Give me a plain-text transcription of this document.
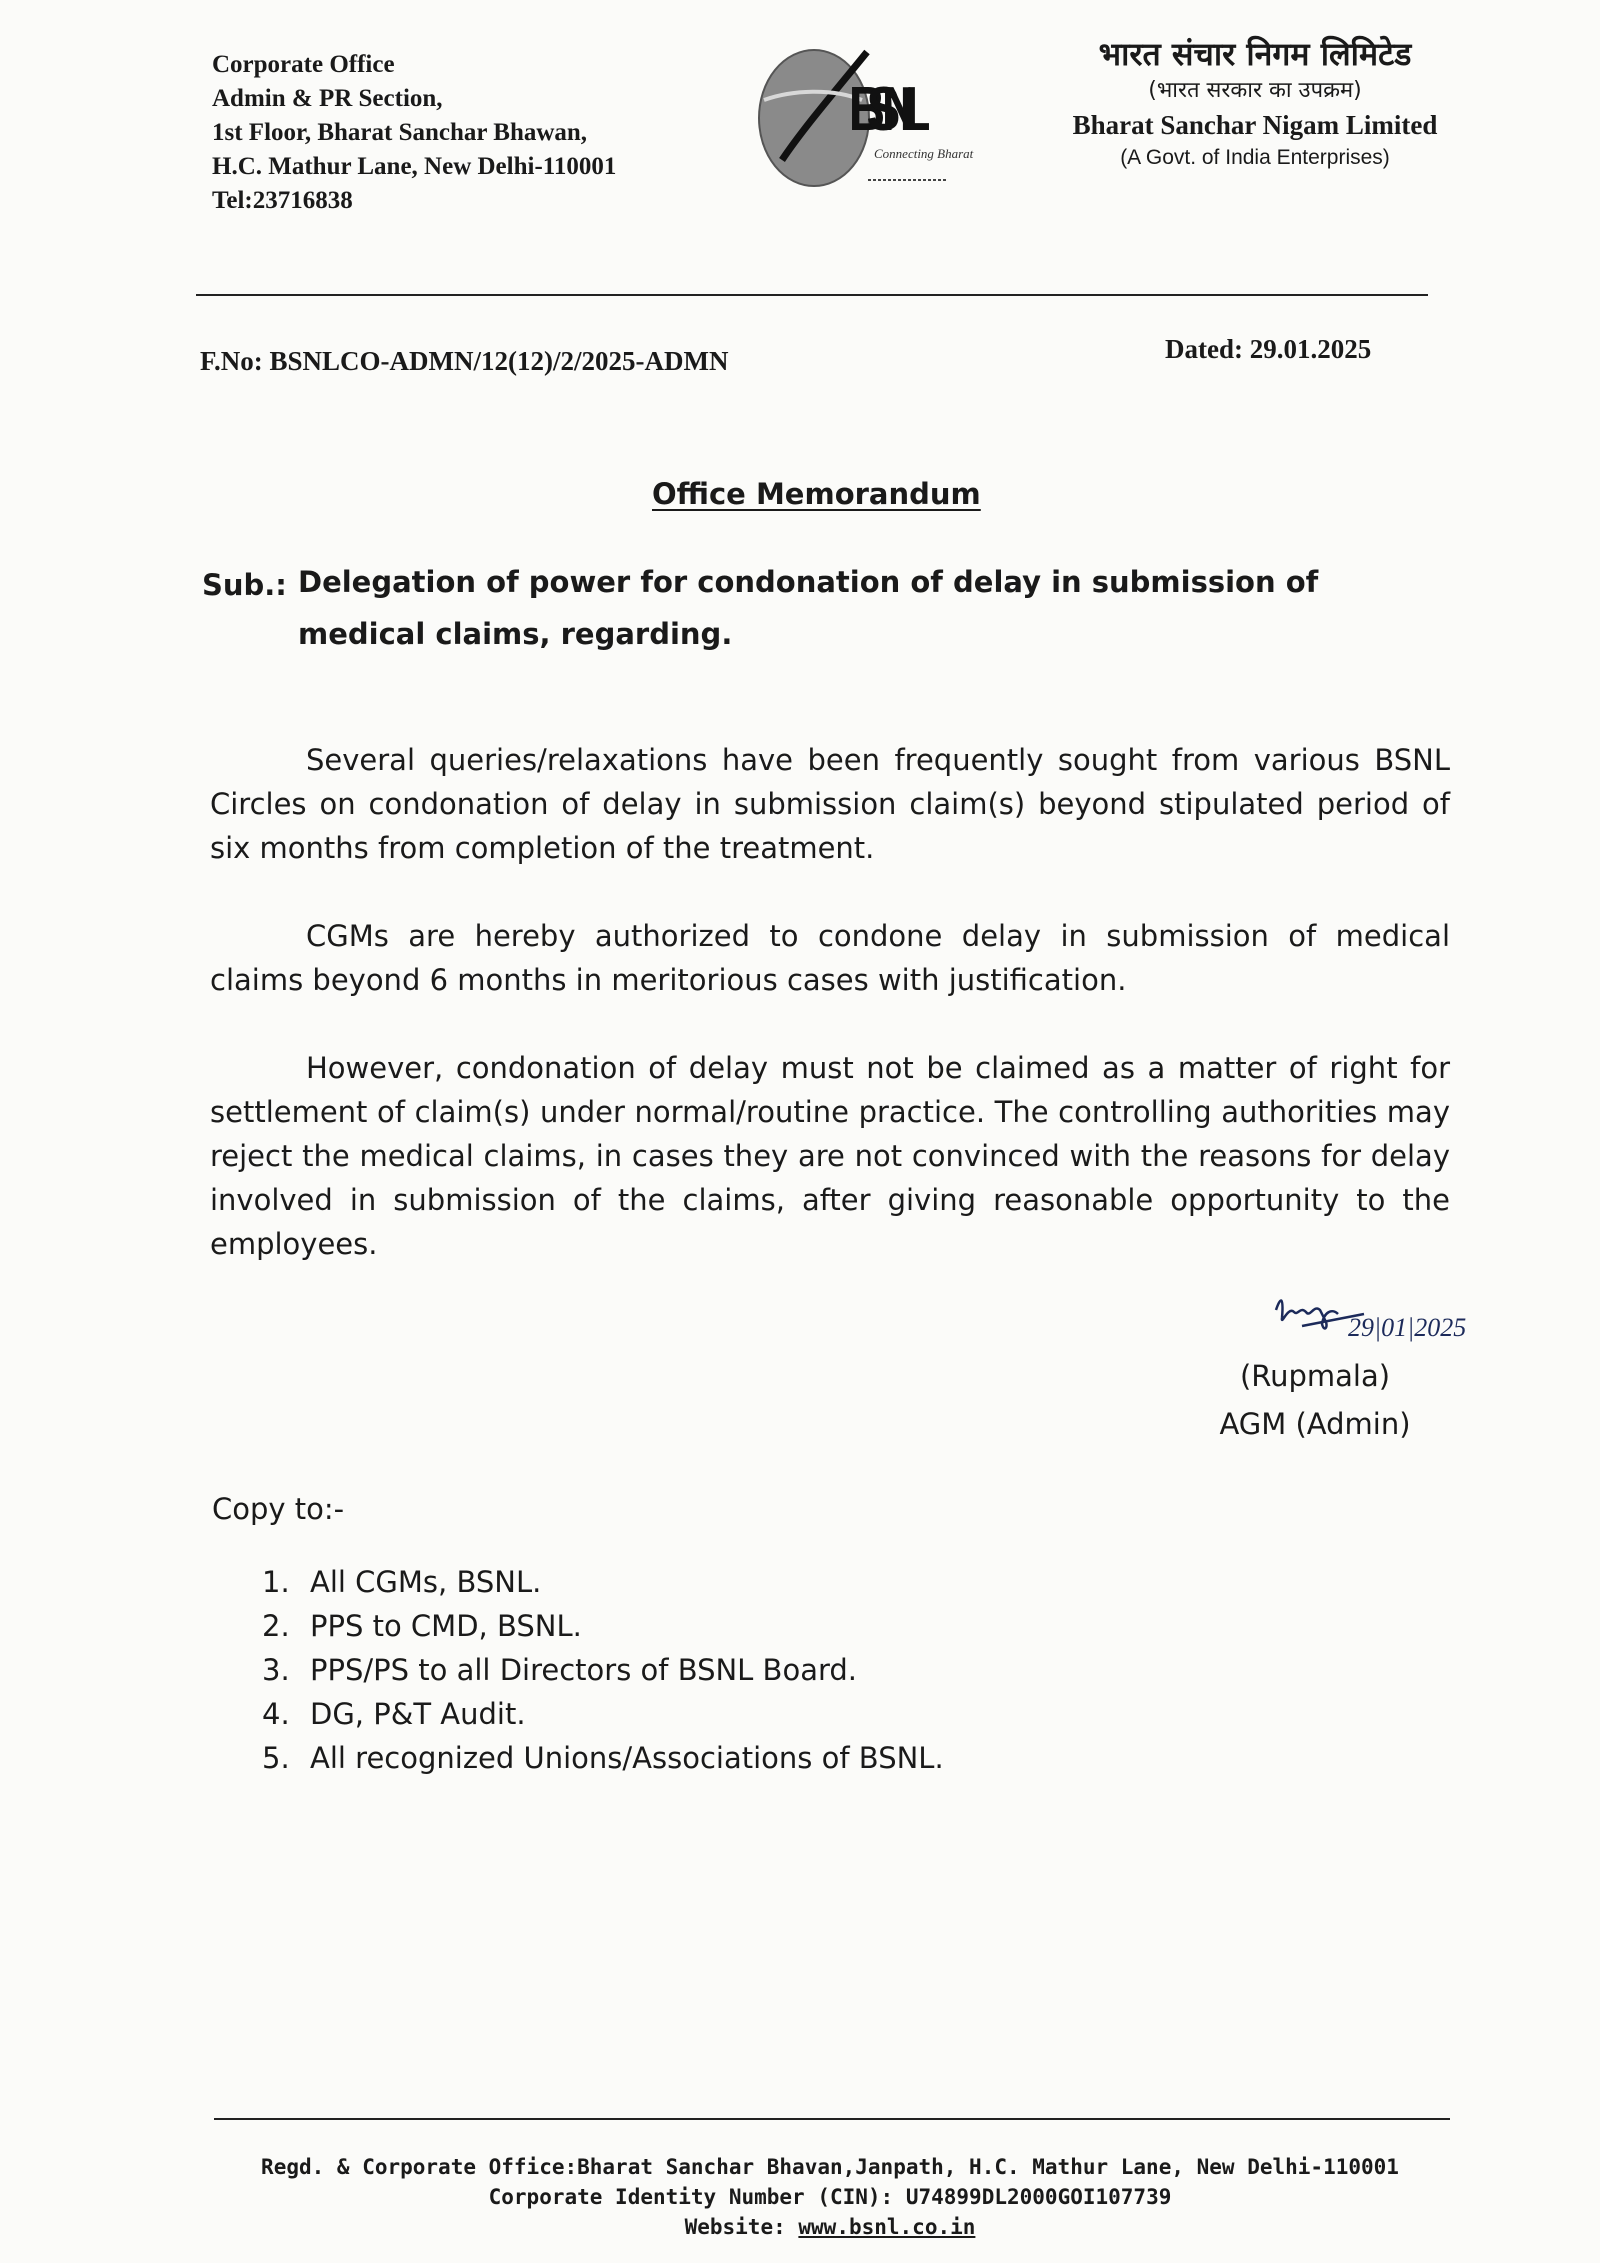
Corporate Office
Admin & PR Section,
1st Floor, Bharat Sanchar Bhawan,
H.C. Mathur Lane, New Delhi-110001
Tel:23716838
BSNL
Connecting Bharat
भारत संचार निगम लिमिटेड
(भारत सरकार का उपक्रम)
Bharat Sanchar Nigam Limited
(A Govt. of India Enterprises)
F.No: BSNLCO-ADMN/12(12)/2/2025-ADMN	Dated: 29.01.2025
Office Memorandum
Sub.: Delegation of power for condonation of delay in submission of medical claims, regarding.
Several queries/relaxations have been frequently sought from various BSNL Circles on condonation of delay in submission claim(s) beyond stipulated period of six months from completion of the treatment.
CGMs are hereby authorized to condone delay in submission of medical claims beyond 6 months in meritorious cases with justification.
However, condonation of delay must not be claimed as a matter of right for settlement of claim(s) under normal/routine practice. The controlling authorities may reject the medical claims, in cases they are not convinced with the reasons for delay involved in submission of the claims, after giving reasonable opportunity to the employees.
29|01|2025
(Rupmala)
AGM (Admin)
Copy to:-
1. All CGMs, BSNL.
2. PPS to CMD, BSNL.
3. PPS/PS to all Directors of BSNL Board.
4. DG, P&T Audit.
5. All recognized Unions/Associations of BSNL.
Regd. & Corporate Office:Bharat Sanchar Bhavan,Janpath, H.C. Mathur Lane, New Delhi-110001
Corporate Identity Number (CIN): U74899DL2000GOI107739
Website: www.bsnl.co.in
